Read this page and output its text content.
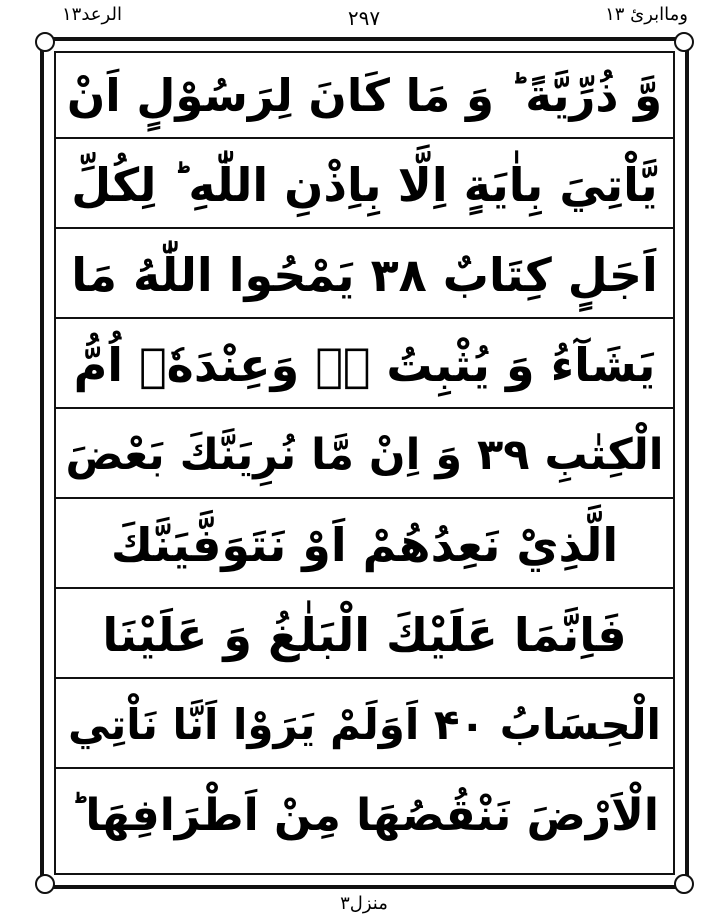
الرعد۱۳	۲۹۷	وماابرئ ۱۳
وَّ ذُرِّيَّةً ؕ وَ مَا كَانَ لِرَسُوْلٍ اَنْ
يَّاْتِيَ بِاٰيَةٍ اِلَّا بِاِذْنِ اللّٰهِ ؕ لِكُلِّ
اَجَلٍ كِتَابٌ ۳۸ يَمْحُوا اللّٰهُ مَا
يَشَآءُ وَ يُثْبِتُ ۖۚ وَعِنْدَهٗۤ اُمُّ
الْكِتٰبِ ۳۹ وَ اِنْ مَّا نُرِيَنَّكَ بَعْضَ
الَّذِيْ نَعِدُهُمْ اَوْ نَتَوَفَّيَنَّكَ
فَاِنَّمَا عَلَيْكَ الْبَلٰغُ وَ عَلَيْنَا
الْحِسَابُ ۴۰ اَوَلَمْ يَرَوْا اَنَّا نَاْتِي
الْاَرْضَ نَنْقُصُهَا مِنْ اَطْرَافِهَا ؕ
منزل۳
